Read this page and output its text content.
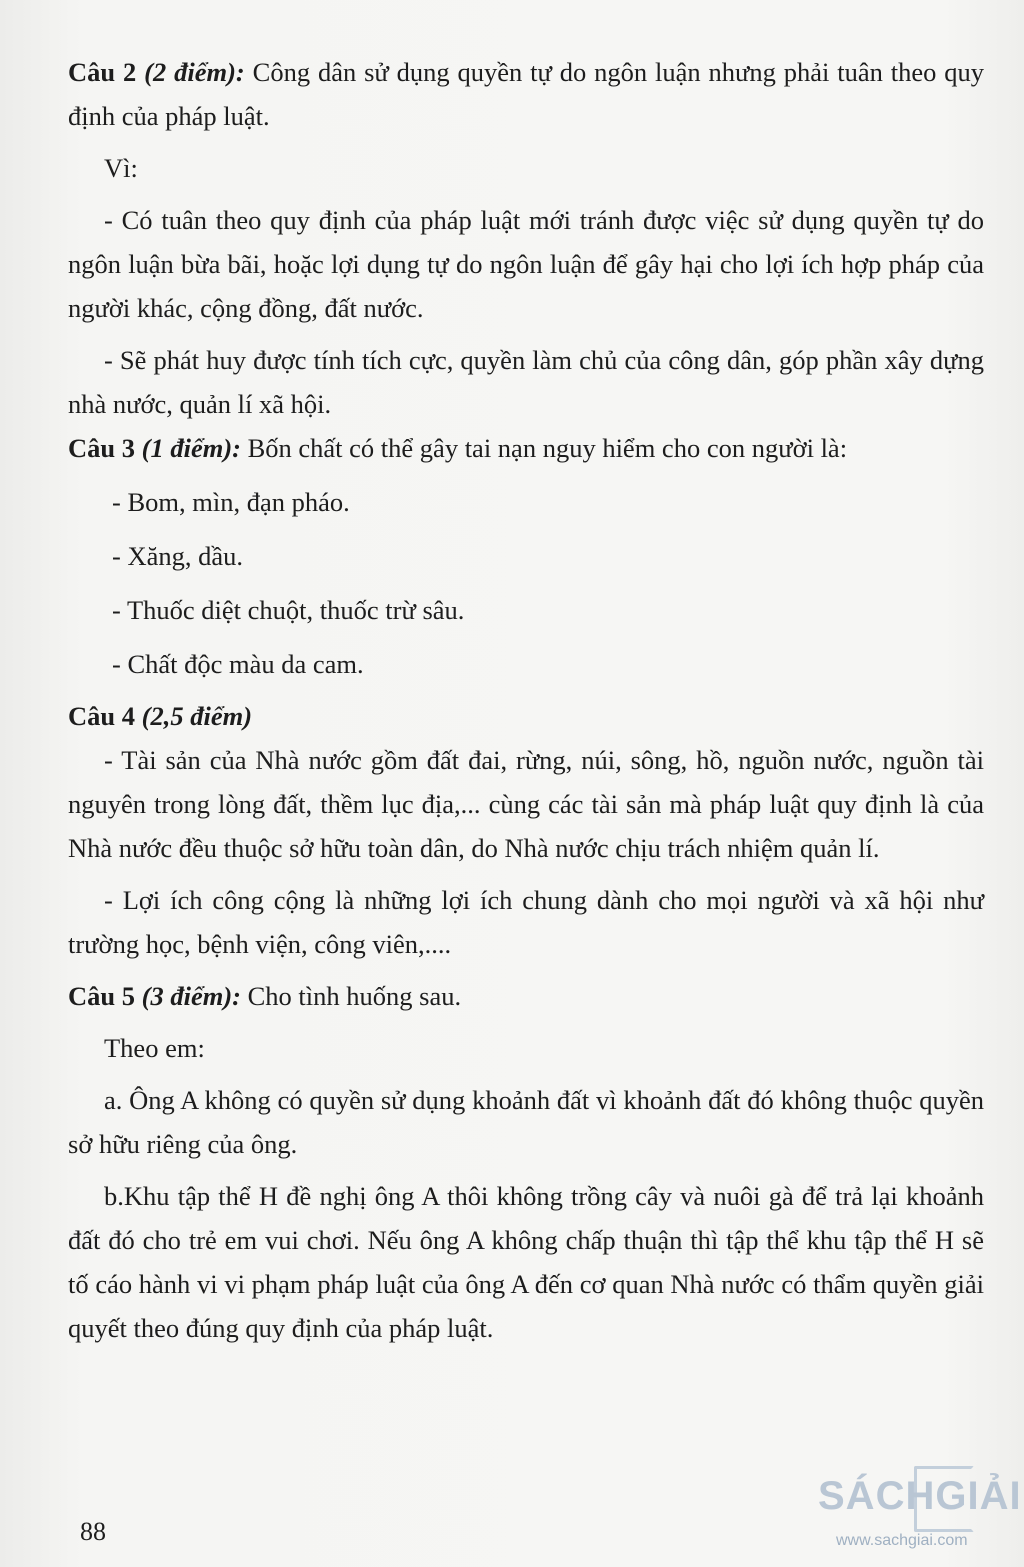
Câu 2 (2 điểm): Công dân sử dụng quyền tự do ngôn luận nhưng phải tuân theo quy định của pháp luật.

Vì:

- Có tuân theo quy định của pháp luật mới tránh được việc sử dụng quyền tự do ngôn luận bừa bãi, hoặc lợi dụng tự do ngôn luận để gây hại cho lợi ích hợp pháp của người khác, cộng đồng, đất nước.

- Sẽ phát huy được tính tích cực, quyền làm chủ của công dân, góp phần xây dựng nhà nước, quản lí xã hội.

Câu 3 (1 điểm): Bốn chất có thể gây tai nạn nguy hiểm cho con người là:

- Bom, mìn, đạn pháo.

- Xăng, dầu.

- Thuốc diệt chuột, thuốc trừ sâu.

- Chất độc màu da cam.

Câu 4 (2,5 điểm)

- Tài sản của Nhà nước gồm đất đai, rừng, núi, sông, hồ, nguồn nước, nguồn tài nguyên trong lòng đất, thềm lục địa,... cùng các tài sản mà pháp luật quy định là của Nhà nước đều thuộc sở hữu toàn dân, do Nhà nước chịu trách nhiệm quản lí.

- Lợi ích công cộng là những lợi ích chung dành cho mọi người và xã hội như trường học, bệnh viện, công viên,....

Câu 5 (3 điểm): Cho tình huống sau.

Theo em:

a. Ông A không có quyền sử dụng khoảnh đất vì khoảnh đất đó không thuộc quyền sở hữu riêng của ông.

b.Khu tập thể H đề nghị ông A thôi không trồng cây và nuôi gà để trả lại khoảnh đất đó cho trẻ em vui chơi. Nếu ông A không chấp thuận thì tập thể khu tập thể H sẽ tố cáo hành vi vi phạm pháp luật của ông A đến cơ quan Nhà nước có thẩm quyền giải quyết theo đúng quy định của pháp luật.

88
SÁCHGIẢI
www.sachgiai.com
